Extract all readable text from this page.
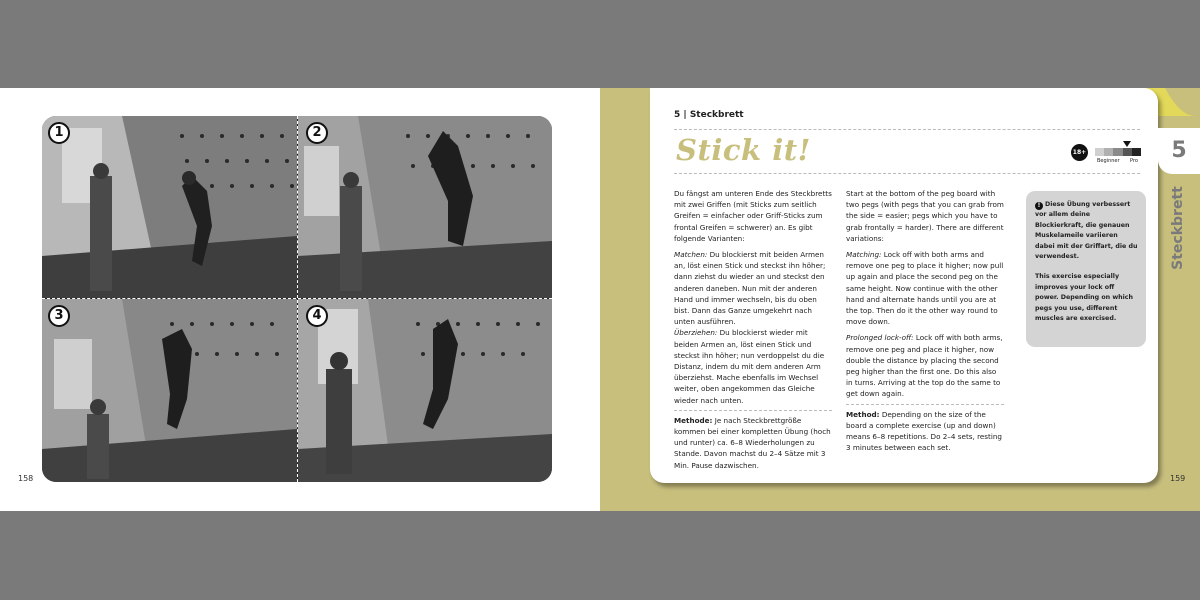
1	2
3	4
158
5 | Steckbrett
Stick it!	18+
Beginner Pro

Du fängst am unteren Ende des Steckbretts mit zwei Griffen (mit Sticks zum seitlich Greifen = einfacher oder Griff-Sticks zum frontal Greifen = schwerer) an. Es gibt folgende Varianten:

Matchen: Du blockierst mit beiden Armen an, löst einen Stick und steckst ihn höher; dann ziehst du wieder an und steckst den anderen daneben. Nun mit der anderen Hand und immer wechseln, bis du oben bist. Dann das Ganze umgekehrt nach unten ausführen.

Überziehen: Du blockierst wieder mit beiden Armen an, löst einen Stick und steckst ihn höher; nun verdoppelst du die Distanz, indem du mit dem anderen Arm überziehst. Mache ebenfalls im Wechsel weiter, oben angekommen das Gleiche wieder nach unten.

Methode: Je nach Steckbrettgröße kommen bei einer kompletten Übung (hoch und runter) ca. 6–8 Wiederholungen zu Stande. Davon machst du 2–4 Sätze mit 3 Min. Pause dazwischen.

Start at the bottom of the peg board with two pegs (with pegs that you can grab from the side = easier; pegs which you have to grab frontally = harder). There are different variations:

Matching: Lock off with both arms and remove one peg to place it higher; now pull up again and place the second peg on the same height. Now continue with the other hand and alternate hands until you are at the top. Then do it the other way round to move down.

Prolonged lock-off: Lock off with both arms, remove one peg and place it higher, now double the distance by placing the second peg higher than the first one. Do this also in turns. Arriving at the top do the same to get down again.

Method: Depending on the size of the board a complete exercise (up and down) means 6–8 repetitions. Do 2–4 sets, resting 3 minutes between each set.

! Diese Übung verbessert vor allem deine Blockierkraft, die genauen Muskelameile variieren dabei mit der Griffart, die du verwendest.

This exercise especially improves your lock off power. Depending on which pegs you use, different muscles are exercised.

5
Steckbrett
159
